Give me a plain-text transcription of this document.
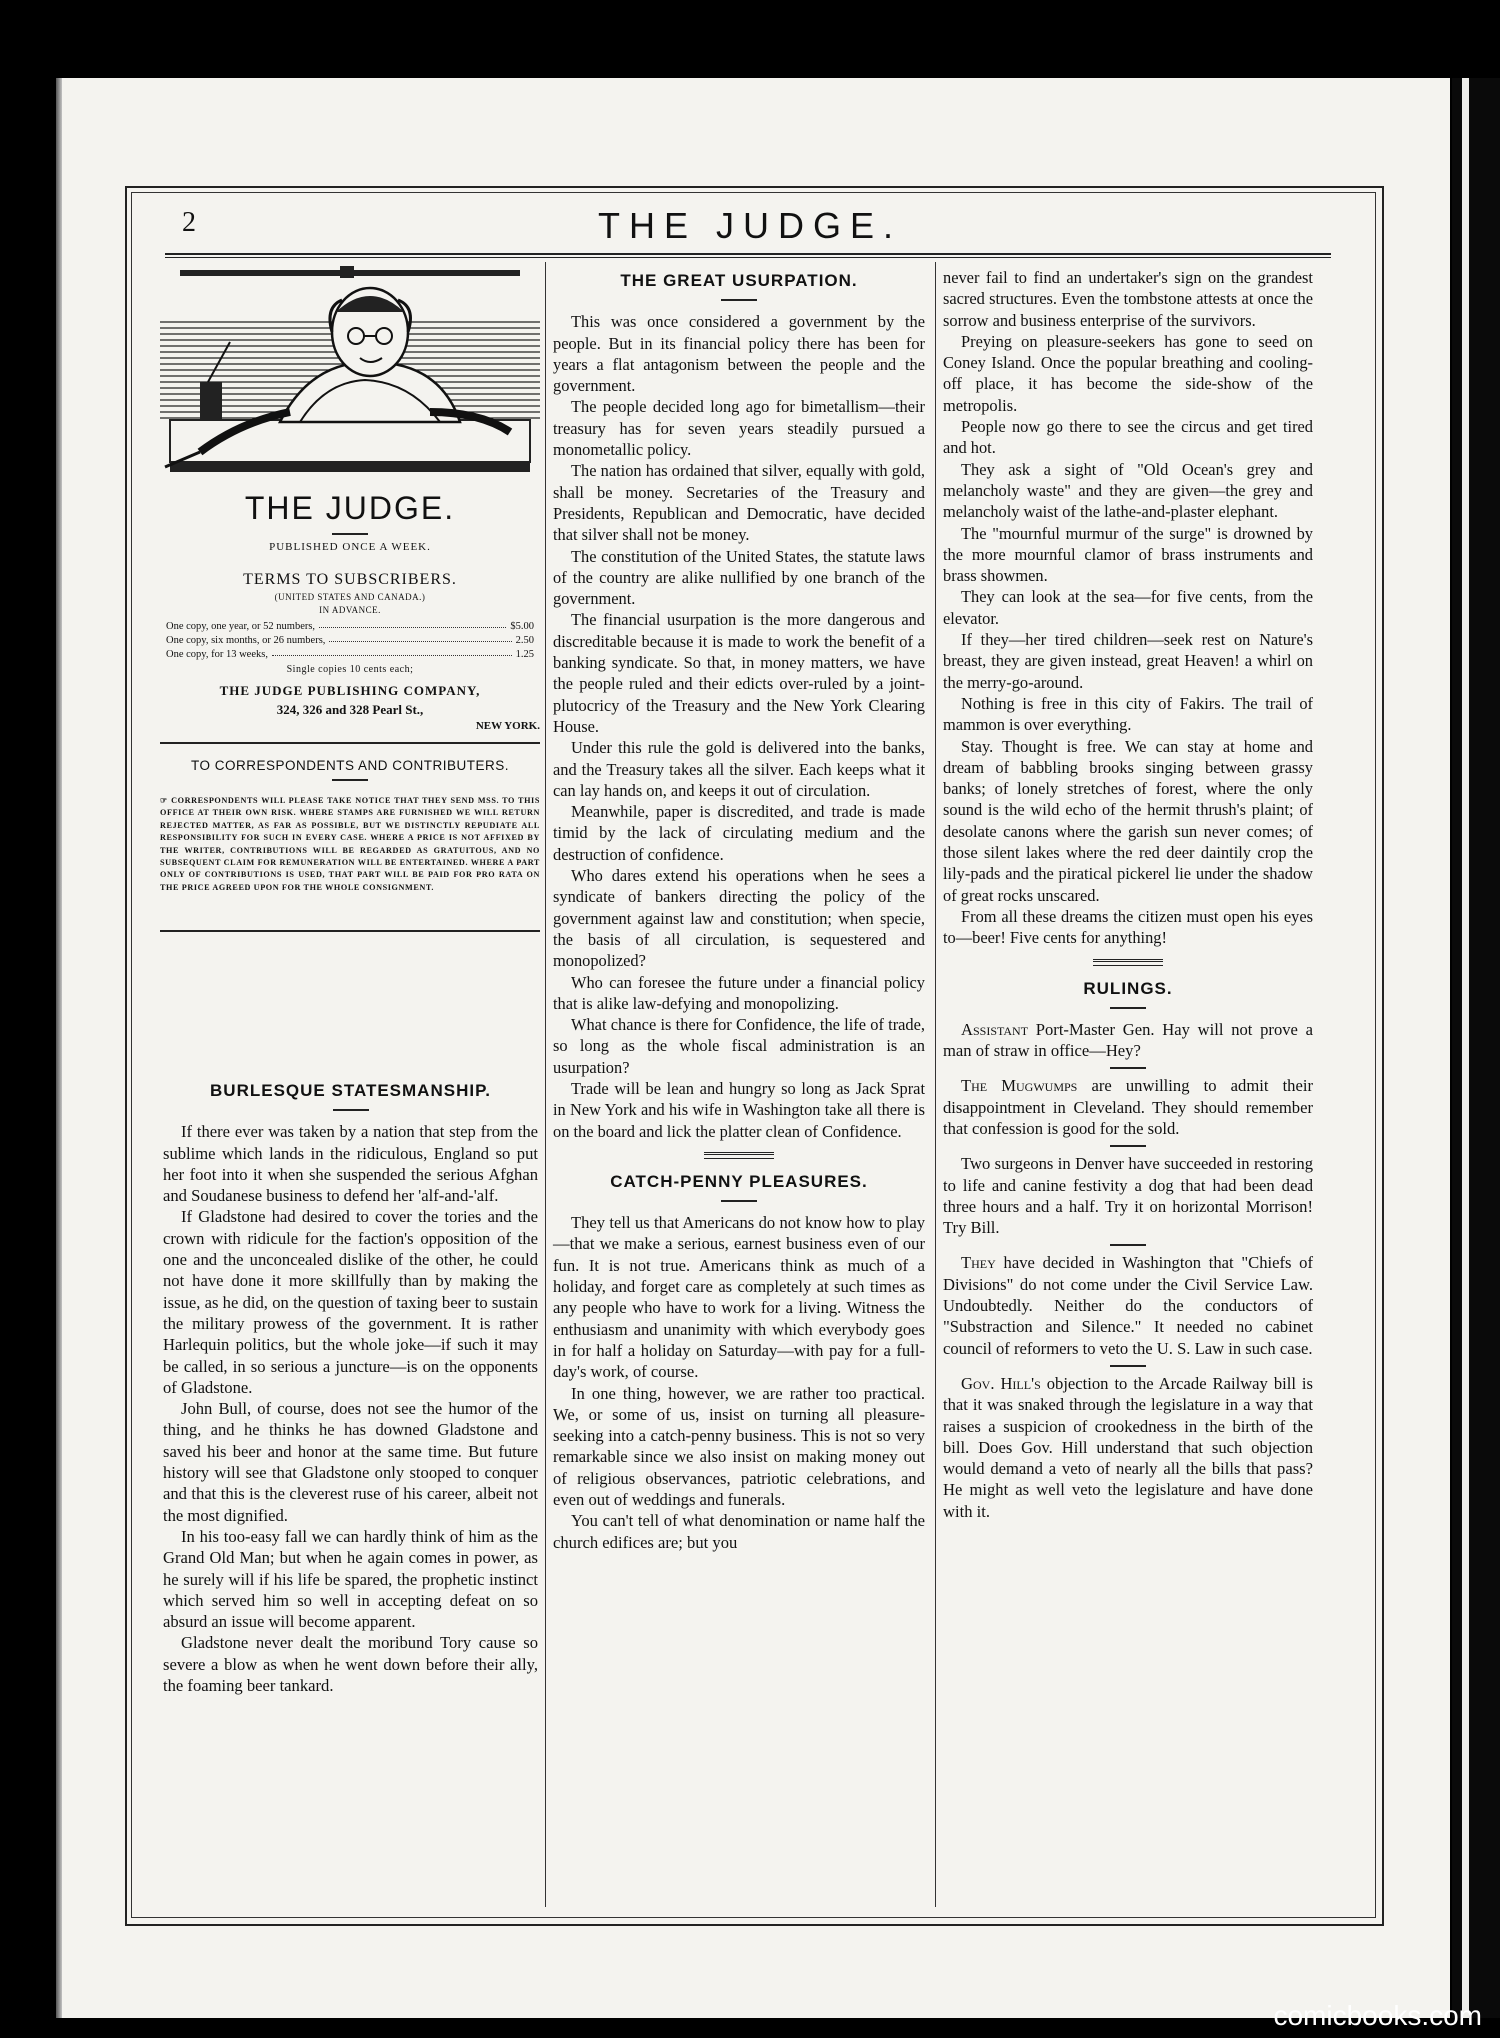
2	THE JUDGE.
THE JUDGE.
PUBLISHED ONCE A WEEK.
TERMS TO SUBSCRIBERS.
(UNITED STATES AND CANADA.)
IN ADVANCE.
One copy, one year, or 52 numbers,	$5.00
One copy, six months, or 26 numbers,	2.50
One copy, for 13 weeks,	1.25
Single copies 10 cents each;
THE JUDGE PUBLISHING COMPANY,
324, 326 and 328 Pearl St.,
NEW YORK.
TO CORRESPONDENTS AND CONTRIBUTERS.
☞ CORRESPONDENTS WILL PLEASE TAKE NOTICE THAT THEY SEND MSS. TO THIS OFFICE AT THEIR OWN RISK. WHERE STAMPS ARE FURNISHED WE WILL RETURN REJECTED MATTER, AS FAR AS POSSIBLE, BUT WE DISTINCTLY REPUDIATE ALL RESPONSIBILITY FOR SUCH IN EVERY CASE. WHERE A PRICE IS NOT AFFIXED BY THE WRITER, CONTRIBUTIONS WILL BE REGARDED AS GRATUITOUS, AND NO SUBSEQUENT CLAIM FOR REMUNERATION WILL BE ENTERTAINED. WHERE A PART ONLY OF CONTRIBUTIONS IS USED, THAT PART WILL BE PAID FOR PRO RATA ON THE PRICE AGREED UPON FOR THE WHOLE CONSIGNMENT.
BURLESQUE STATESMANSHIP.

If there ever was taken by a nation that step from the sublime which lands in the ridiculous, England so put her foot into it when she suspended the serious Afghan and Soudanese business to defend her 'alf-and-'alf.

If Gladstone had desired to cover the tories and the crown with ridicule for the faction's opposition of the one and the unconcealed dislike of the other, he could not have done it more skillfully than by making the issue, as he did, on the question of taxing beer to sustain the military prowess of the government. It is rather Harlequin politics, but the whole joke—if such it may be called, in so serious a juncture—is on the opponents of Gladstone.

John Bull, of course, does not see the humor of the thing, and he thinks he has downed Gladstone and saved his beer and honor at the same time. But future history will see that Gladstone only stooped to conquer and that this is the cleverest ruse of his career, albeit not the most dignified.

In his too-easy fall we can hardly think of him as the Grand Old Man; but when he again comes in power, as he surely will if his life be spared, the prophetic instinct which served him so well in accepting defeat on so absurd an issue will become apparent.

Gladstone never dealt the moribund Tory cause so severe a blow as when he went down before their ally, the foaming beer tankard.

THE GREAT USURPATION.

This was once considered a government by the people. But in its financial policy there has been for years a flat antagonism between the people and the government.

The people decided long ago for bimetallism—their treasury has for seven years steadily pursued a monometallic policy.

The nation has ordained that silver, equally with gold, shall be money. Secretaries of the Treasury and Presidents, Republican and Democratic, have decided that silver shall not be money.

The constitution of the United States, the statute laws of the country are alike nullified by one branch of the government.

The financial usurpation is the more dangerous and discreditable because it is made to work the benefit of a banking syndicate. So that, in money matters, we have the people ruled and their edicts over-ruled by a joint-plutocricy of the Treasury and the New York Clearing House.

Under this rule the gold is delivered into the banks, and the Treasury takes all the silver. Each keeps what it can lay hands on, and keeps it out of circulation.

Meanwhile, paper is discredited, and trade is made timid by the lack of circulating medium and the destruction of confidence.

Who dares extend his operations when he sees a syndicate of bankers directing the policy of the government against law and constitution; when specie, the basis of all circulation, is sequestered and monopolized?

Who can foresee the future under a financial policy that is alike law-defying and monopolizing.

What chance is there for Confidence, the life of trade, so long as the whole fiscal administration is an usurpation?

Trade will be lean and hungry so long as Jack Sprat in New York and his wife in Washington take all there is on the board and lick the platter clean of Confidence.

CATCH-PENNY PLEASURES.

They tell us that Americans do not know how to play—that we make a serious, earnest business even of our fun. It is not true. Americans think as much of a holiday, and forget care as completely at such times as any people who have to work for a living. Witness the enthusiasm and unanimity with which everybody goes in for half a holiday on Saturday—with pay for a full-day's work, of course.

In one thing, however, we are rather too practical. We, or some of us, insist on turning all pleasure-seeking into a catch-penny business. This is not so very remarkable since we also insist on making money out of religious observances, patriotic celebrations, and even out of weddings and funerals.

You can't tell of what denomination or name half the church edifices are; but you

never fail to find an undertaker's sign on the grandest sacred structures. Even the tombstone attests at once the sorrow and business enterprise of the survivors.

Preying on pleasure-seekers has gone to seed on Coney Island. Once the popular breathing and cooling-off place, it has become the side-show of the metropolis.

People now go there to see the circus and get tired and hot.

They ask a sight of "Old Ocean's grey and melancholy waste" and they are given—the grey and melancholy waist of the lathe-and-plaster elephant.

The "mournful murmur of the surge" is drowned by the more mournful clamor of brass instruments and brass showmen.

They can look at the sea—for five cents, from the elevator.

If they—her tired children—seek rest on Nature's breast, they are given instead, great Heaven! a whirl on the merry-go-around.

Nothing is free in this city of Fakirs. The trail of mammon is over everything.

Stay. Thought is free. We can stay at home and dream of babbling brooks singing between grassy banks; of lonely stretches of forest, where the only sound is the wild echo of the hermit thrush's plaint; of desolate canons where the garish sun never comes; of those silent lakes where the red deer daintily crop the lily-pads and the piratical pickerel lie under the shadow of great rocks unscared.

From all these dreams the citizen must open his eyes to—beer! Five cents for anything!

RULINGS.

Assistant Port-Master Gen. Hay will not prove a man of straw in office—Hey?

The Mugwumps are unwilling to admit their disappointment in Cleveland. They should remember that confession is good for the sold.

Two surgeons in Denver have succeeded in restoring to life and canine festivity a dog that had been dead three hours and a half. Try it on horizontal Morrison! Try Bill.

They have decided in Washington that "Chiefs of Divisions" do not come under the Civil Service Law. Undoubtedly. Neither do the conductors of "Substraction and Silence." It needed no cabinet council of reformers to veto the U. S. Law in such case.

Gov. Hill's objection to the Arcade Railway bill is that it was snaked through the legislature in a way that raises a suspicion of crookedness in the birth of the bill. Does Gov. Hill understand that such objection would demand a veto of nearly all the bills that pass? He might as well veto the legislature and have done with it.

comicbooks.com
